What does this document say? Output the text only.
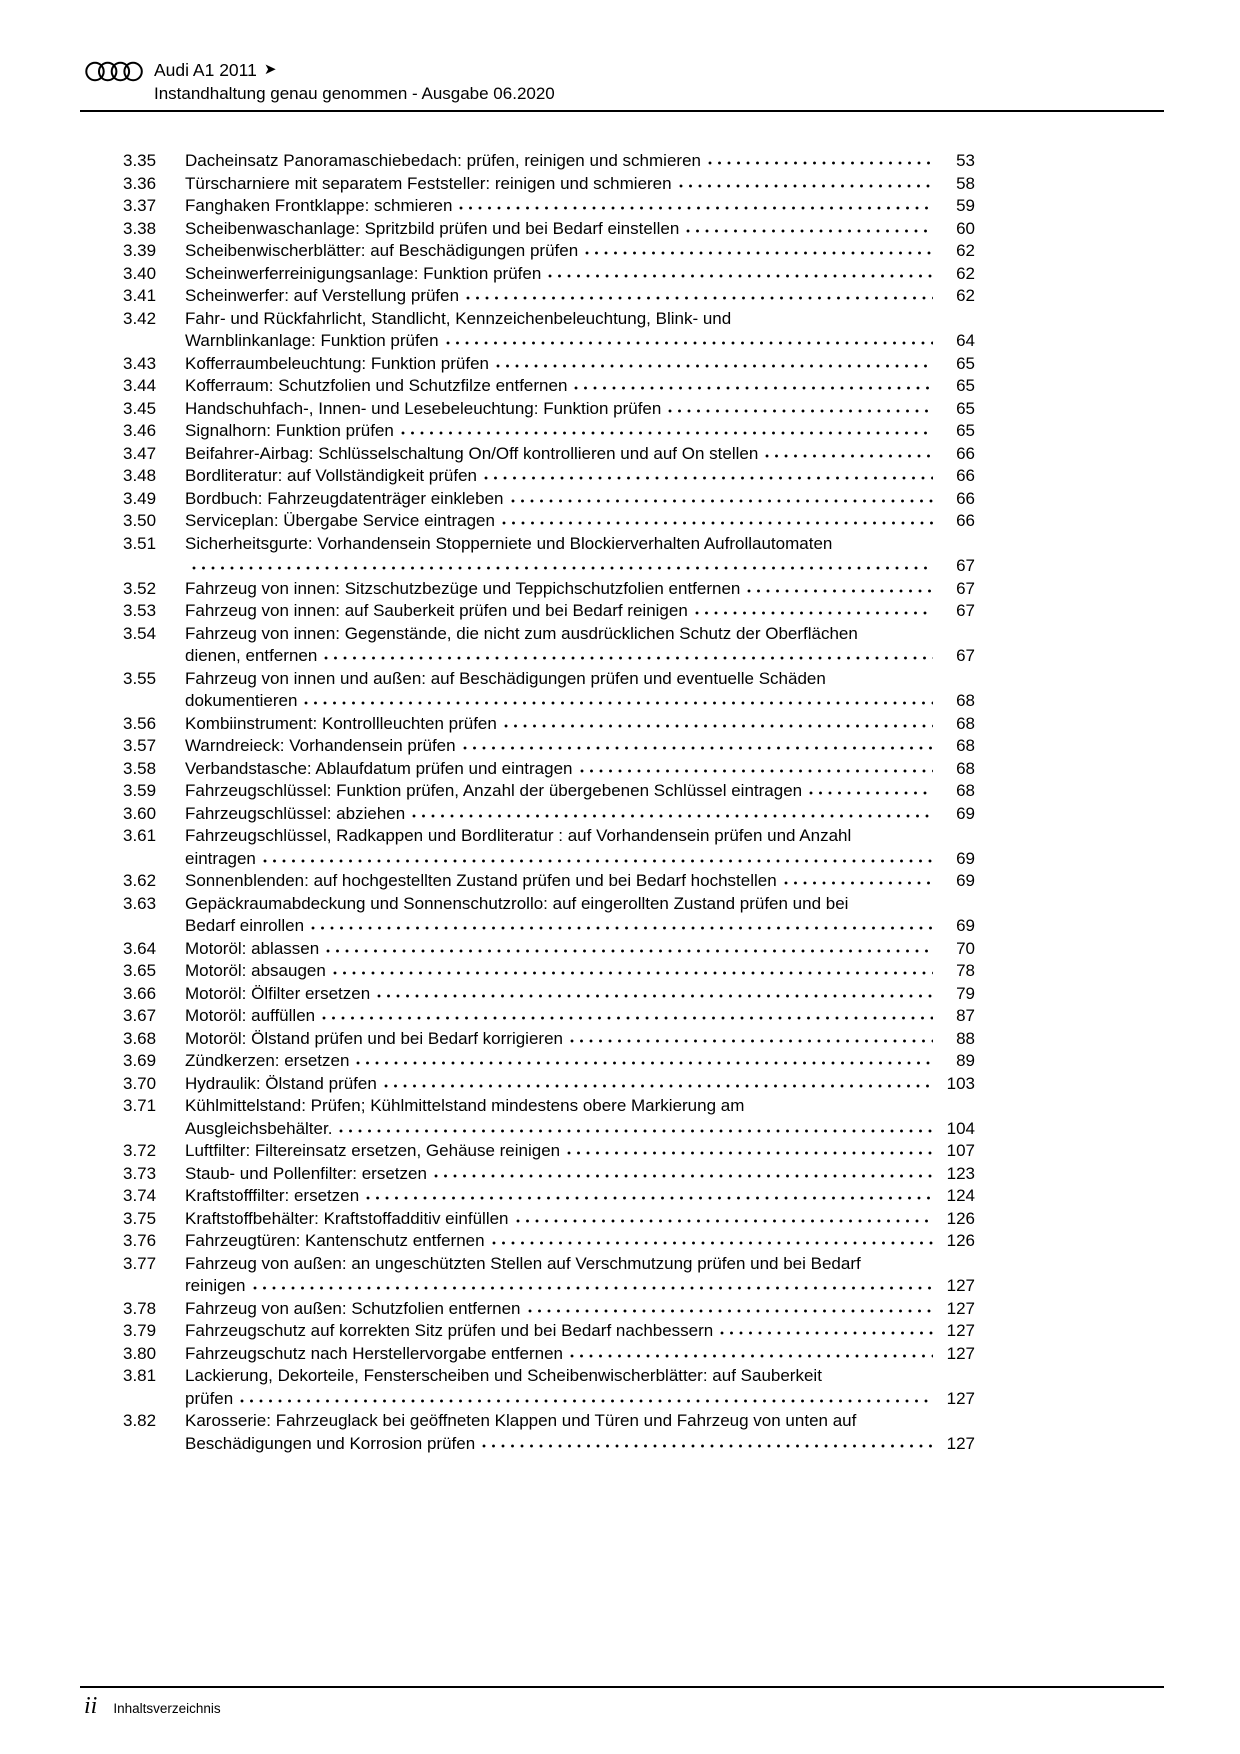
Audi A1 2011 ➤
Instandhaltung genau genommen - Ausgabe 06.2020
3.35	Dacheinsatz Panoramaschiebedach: prüfen, reinigen und schmieren	53
3.36	Türscharniere mit separatem Feststeller: reinigen und schmieren	58
3.37	Fanghaken Frontklappe: schmieren	59
3.38	Scheibenwaschanlage: Spritzbild prüfen und bei Bedarf einstellen	60
3.39	Scheibenwischerblätter: auf Beschädigungen prüfen	62
3.40	Scheinwerferreinigungsanlage: Funktion prüfen	62
3.41	Scheinwerfer: auf Verstellung prüfen	62
3.42	Fahr- und Rückfahrlicht, Standlicht, Kennzeichenbeleuchtung, Blink- und
Warnblinkanlage: Funktion prüfen	64
3.43	Kofferraumbeleuchtung: Funktion prüfen	65
3.44	Kofferraum: Schutzfolien und Schutzfilze entfernen	65
3.45	Handschuhfach-, Innen- und Lesebeleuchtung: Funktion prüfen	65
3.46	Signalhorn: Funktion prüfen	65
3.47	Beifahrer-Airbag: Schlüsselschaltung On/Off kontrollieren und auf On stellen	66
3.48	Bordliteratur: auf Vollständigkeit prüfen	66
3.49	Bordbuch: Fahrzeugdatenträger einkleben	66
3.50	Serviceplan: Übergabe Service eintragen	66
3.51	Sicherheitsgurte: Vorhandensein Stopperniete und Blockierverhalten Aufrollautomaten
67
3.52	Fahrzeug von innen: Sitzschutzbezüge und Teppichschutzfolien entfernen	67
3.53	Fahrzeug von innen: auf Sauberkeit prüfen und bei Bedarf reinigen	67
3.54	Fahrzeug von innen: Gegenstände, die nicht zum ausdrücklichen Schutz der Oberflächen
dienen, entfernen	67
3.55	Fahrzeug von innen und außen: auf Beschädigungen prüfen und eventuelle Schäden
dokumentieren	68
3.56	Kombiinstrument: Kontrollleuchten prüfen	68
3.57	Warndreieck: Vorhandensein prüfen	68
3.58	Verbandstasche: Ablaufdatum prüfen und eintragen	68
3.59	Fahrzeugschlüssel: Funktion prüfen, Anzahl der übergebenen Schlüssel eintragen	68
3.60	Fahrzeugschlüssel: abziehen	69
3.61	Fahrzeugschlüssel, Radkappen und Bordliteratur : auf Vorhandensein prüfen und Anzahl
eintragen	69
3.62	Sonnenblenden: auf hochgestellten Zustand prüfen und bei Bedarf hochstellen	69
3.63	Gepäckraumabdeckung und Sonnenschutzrollo: auf eingerollten Zustand prüfen und bei
Bedarf einrollen	69
3.64	Motoröl: ablassen	70
3.65	Motoröl: absaugen	78
3.66	Motoröl: Ölfilter ersetzen	79
3.67	Motoröl: auffüllen	87
3.68	Motoröl: Ölstand prüfen und bei Bedarf korrigieren	88
3.69	Zündkerzen: ersetzen	89
3.70	Hydraulik: Ölstand prüfen	103
3.71	Kühlmittelstand: Prüfen; Kühlmittelstand mindestens obere Markierung am
Ausgleichsbehälter.	104
3.72	Luftfilter: Filtereinsatz ersetzen, Gehäuse reinigen	107
3.73	Staub- und Pollenfilter: ersetzen	123
3.74	Kraftstofffilter: ersetzen	124
3.75	Kraftstoffbehälter: Kraftstoffadditiv einfüllen	126
3.76	Fahrzeugtüren: Kantenschutz entfernen	126
3.77	Fahrzeug von außen: an ungeschützten Stellen auf Verschmutzung prüfen und bei Bedarf
reinigen	127
3.78	Fahrzeug von außen: Schutzfolien entfernen	127
3.79	Fahrzeugschutz auf korrekten Sitz prüfen und bei Bedarf nachbessern	127
3.80	Fahrzeugschutz nach Herstellervorgabe entfernen	127
3.81	Lackierung, Dekorteile, Fensterscheiben und Scheibenwischerblätter: auf Sauberkeit
prüfen	127
3.82	Karosserie: Fahrzeuglack bei geöffneten Klappen und Türen und Fahrzeug von unten auf
Beschädigungen und Korrosion prüfen	127
ii Inhaltsverzeichnis
